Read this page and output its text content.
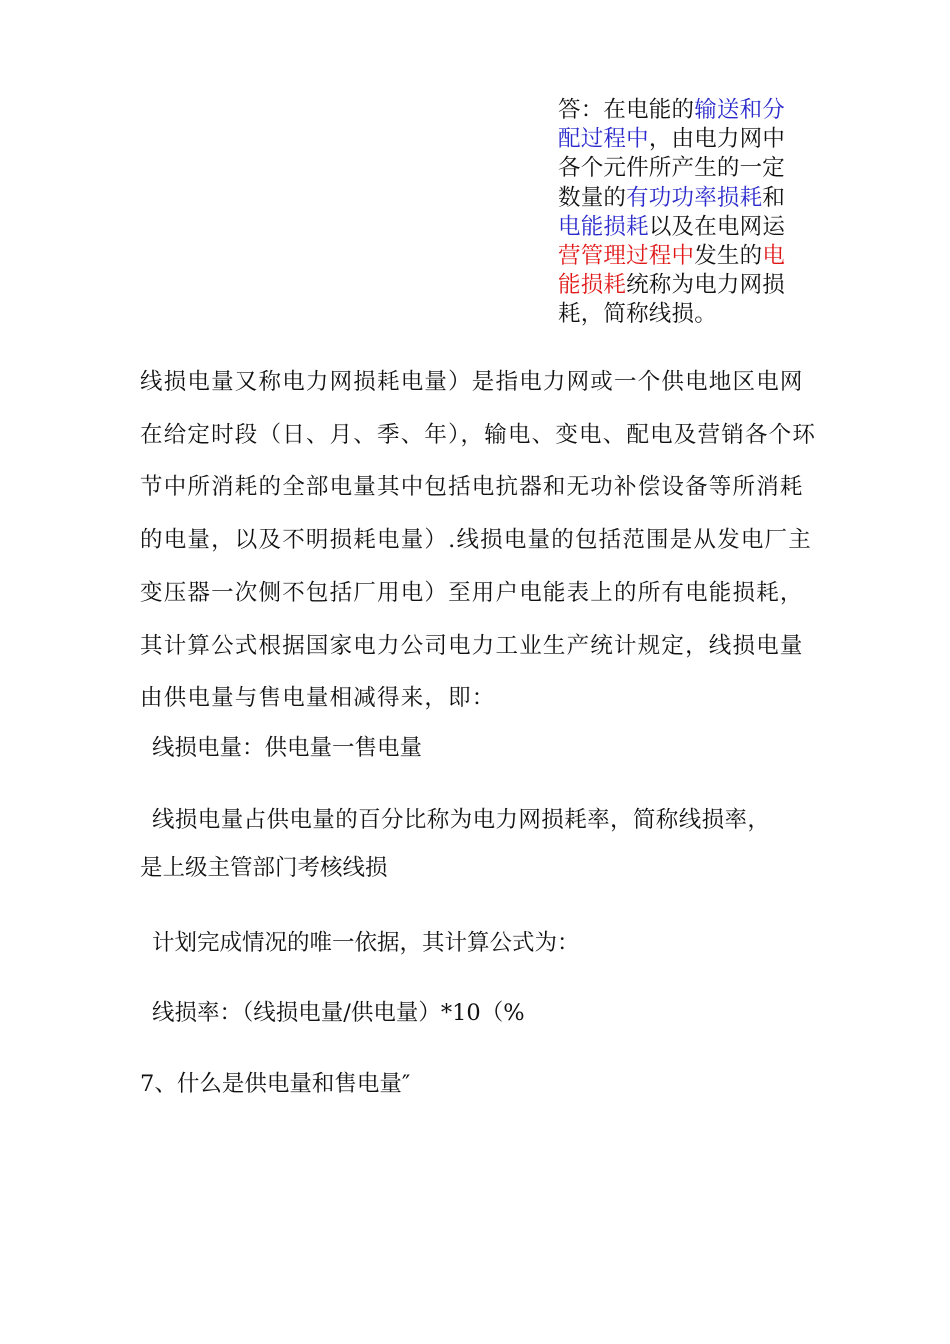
答：在电能的输送和分配过程中，由电力网中各个元件所产生的一定数量的有功功率损耗和电能损耗以及在电网运营管理过程中发生的电能损耗统称为电力网损耗，简称线损。
线损电量又称电力网损耗电量）是指电力网或一个供电地区电网在给定时段（日、月、季、年），输电、变电、配电及营销各个环节中所消耗的全部电量其中包括电抗器和无功补偿设备等所消耗的电量，以及不明损耗电量）.线损电量的包括范围是从发电厂主变压器一次侧不包括厂用电）至用户电能表上的所有电能损耗，其计算公式根据国家电力公司电力工业生产统计规定，线损电量由供电量与售电量相减得来，即：
线损电量：供电量一售电量
线损电量占供电量的百分比称为电力网损耗率，简称线损率，
是上级主管部门考核线损
计划完成情况的唯一依据，其计算公式为：
线损率：（线损电量/供电量）*10（%
7、什么是供电量和售电量″
